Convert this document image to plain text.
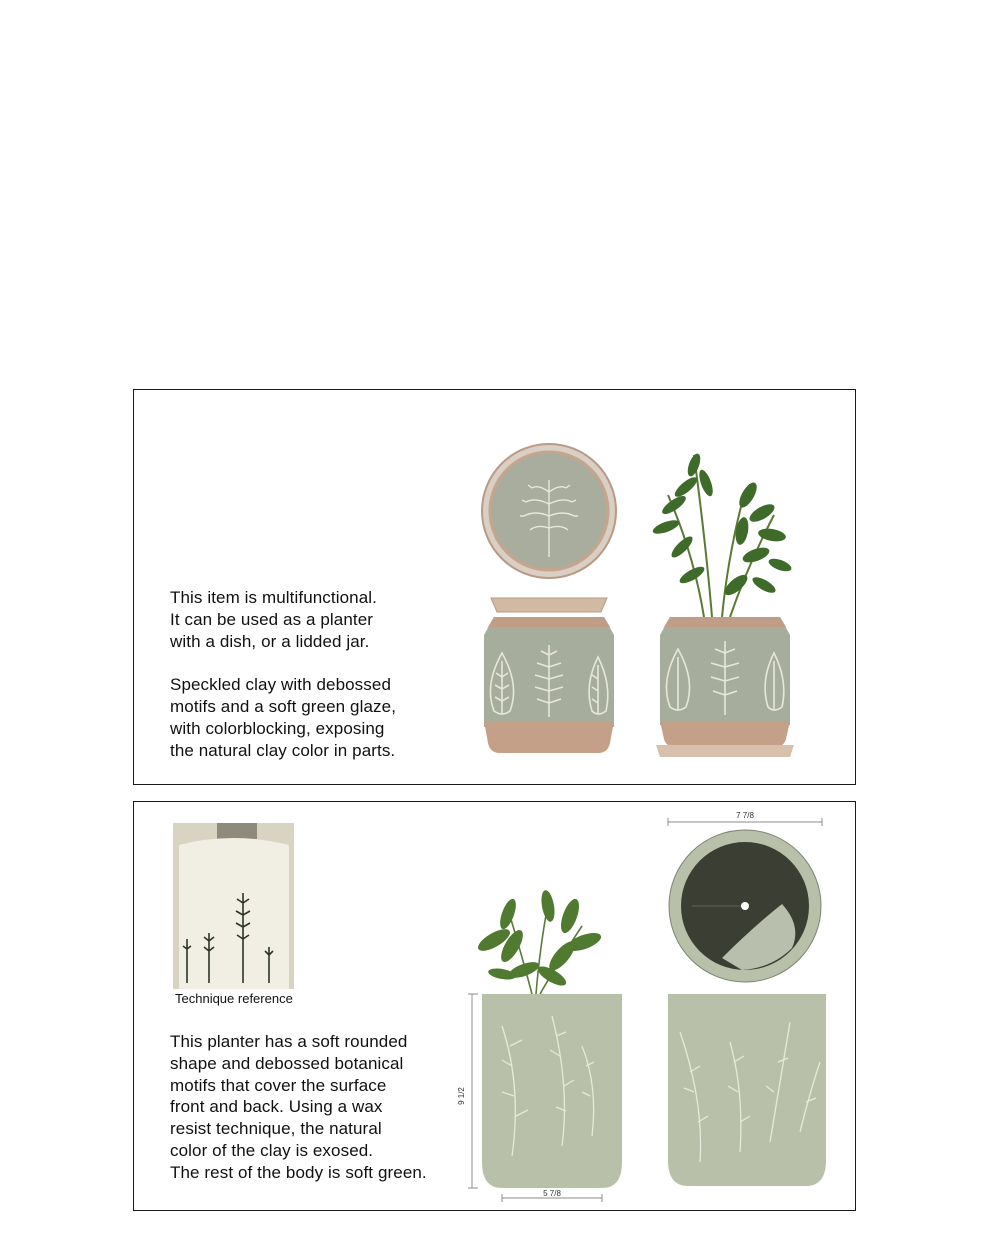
This item is multifunctional.

It can be used as a planter

with a dish, or a lidded jar.

Speckled clay with debossed

motifs and a soft green glaze,

with colorblocking, exposing

the natural clay color in parts.

Technique reference

This planter has a soft rounded

shape and debossed botanical

motifs that cover the surface

front and back. Using a wax

resist technique, the natural

color of the clay is exosed.

The rest of the body is soft green.

9 1/2
5 7/8
7 7/8
